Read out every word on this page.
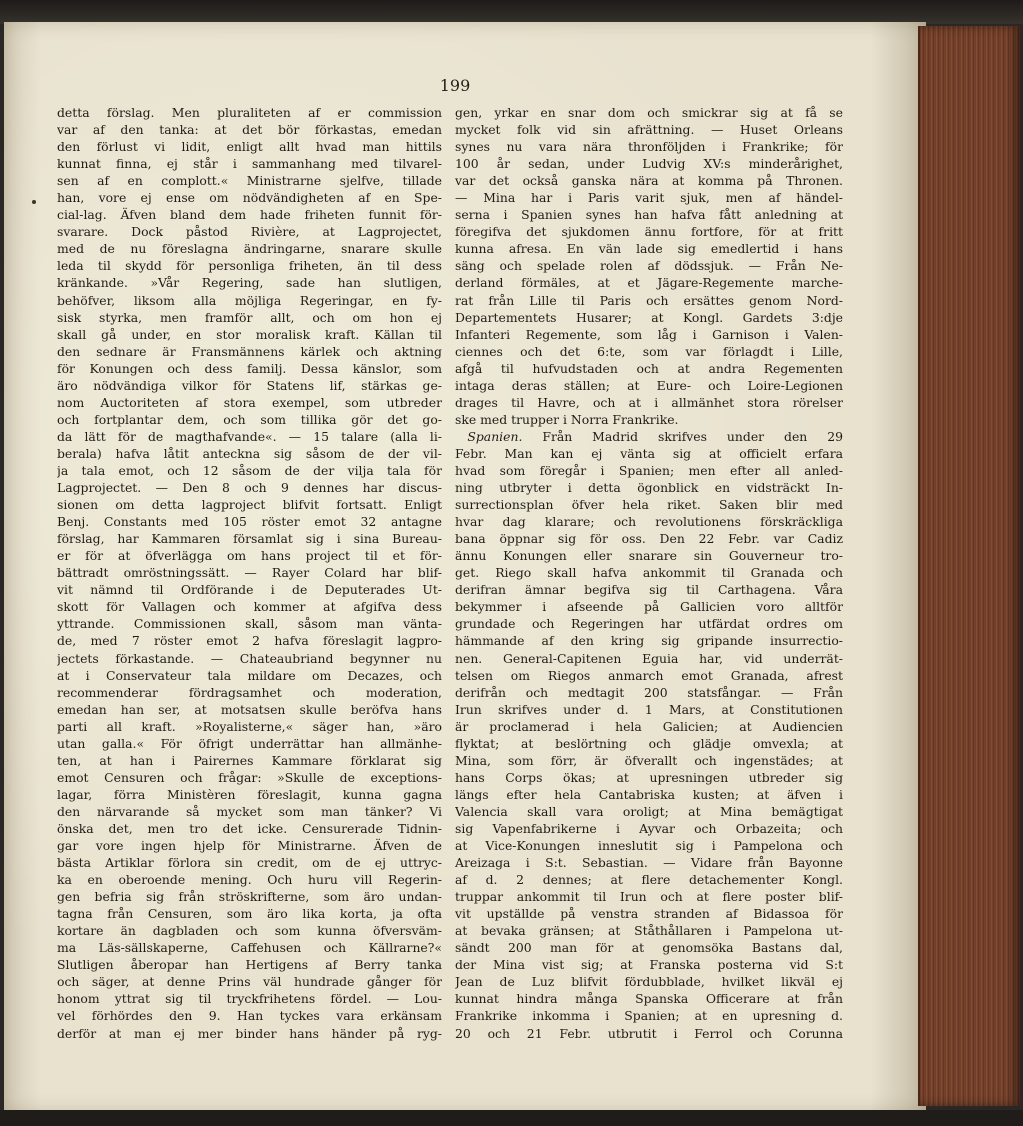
199
detta förslag. Men pluraliteten af er commission
var af den tanka: at det bör förkastas, emedan
den förlust vi lidit, enligt allt hvad man hittils
kunnat finna, ej står i sammanhang med tilvarel-
sen af en complott.« Ministrarne sjelfve, tillade
han, vore ej ense om nödvändigheten af en Spe-
cial-lag. Äfven bland dem hade friheten funnit för-
svarare. Dock påstod Rivière, at Lagprojectet,
med de nu föreslagna ändringarne, snarare skulle
leda til skydd för personliga friheten, än til dess
kränkande. »Vår Regering, sade han slutligen,
behöfver, liksom alla möjliga Regeringar, en fy-
sisk styrka, men framför allt, och om hon ej
skall gå under, en stor moralisk kraft. Källan til
den sednare är Fransmännens kärlek och aktning
för Konungen och dess familj. Dessa känslor, som
äro nödvändiga vilkor för Statens lif, stärkas ge-
nom Auctoriteten af stora exempel, som utbreder
och fortplantar dem, och som tillika gör det go-
da lätt för de magthafvande«. — 15 talare (alla li-
berala) hafva låtit anteckna sig såsom de der vil-
ja tala emot, och 12 såsom de der vilja tala för
Lagprojectet. — Den 8 och 9 dennes har discus-
sionen om detta lagproject blifvit fortsatt. Enligt
Benj. Constants med 105 röster emot 32 antagne
förslag, har Kammaren församlat sig i sina Bureau-
er för at öfverlägga om hans project til et för-
bättradt omröstningssätt. — Rayer Colard har blif-
vit nämnd til Ordförande i de Deputerades Ut-
skott för Vallagen och kommer at afgifva dess
yttrande. Commissionen skall, såsom man vänta-
de, med 7 röster emot 2 hafva föreslagit lagpro-
jectets förkastande. — Chateaubriand begynner nu
at i Conservateur tala mildare om Decazes, och
recommenderar fördragsamhet och moderation,
emedan han ser, at motsatsen skulle beröfva hans
parti all kraft. »Royalisterne,« säger han, »äro
utan galla.« För öfrigt underrättar han allmänhe-
ten, at han i Pairernes Kammare förklarat sig
emot Censuren och frågar: »Skulle de exceptions-
lagar, förra Ministèren föreslagit, kunna gagna
den närvarande så mycket som man tänker? Vi
önska det, men tro det icke. Censurerade Tidnin-
gar vore ingen hjelp för Ministrarne. Äfven de
bästa Artiklar förlora sin credit, om de ej uttryc-
ka en oberoende mening. Och huru vill Regerin-
gen befria sig från ströskrifterne, som äro undan-
tagna från Censuren, som äro lika korta, ja ofta
kortare än dagbladen och som kunna öfversväm-
ma Läs-sällskaperne, Caffehusen och Källrarne?«
Slutligen åberopar han Hertigens af Berry tanka
och säger, at denne Prins väl hundrade gånger för
honom yttrat sig til tryckfrihetens fördel. — Lou-
vel förhördes den 9. Han tyckes vara erkänsam
derför at man ej mer binder hans händer på ryg-
gen, yrkar en snar dom och smickrar sig at få se
mycket folk vid sin afrättning. — Huset Orleans
synes nu vara nära thronföljden i Frankrike; för
100 år sedan, under Ludvig XV:s minderårighet,
var det också ganska nära at komma på Thronen.
— Mina har i Paris varit sjuk, men af händel-
serna i Spanien synes han hafva fått anledning at
föregifva det sjukdomen ännu fortfore, för at fritt
kunna afresa. En vän lade sig emedlertid i hans
säng och spelade rolen af dödssjuk. — Från Ne-
derland förmäles, at et Jägare-Regemente marche-
rat från Lille til Paris och ersättes genom Nord-
Departementets Husarer; at Kongl. Gardets 3:dje
Infanteri Regemente, som låg i Garnison i Valen-
ciennes och det 6:te, som var förlagdt i Lille,
afgå til hufvudstaden och at andra Regementen
intaga deras ställen; at Eure- och Loire-Legionen
drages til Havre, och at i allmänhet stora rörelser
ske med trupper i Norra Frankrike.
 Spanien. Från Madrid skrifves under den 29
Febr. Man kan ej vänta sig at officielt erfara
hvad som föregår i Spanien; men efter all anled-
ning utbryter i detta ögonblick en vidsträckt In-
surrectionsplan öfver hela riket. Saken blir med
hvar dag klarare; och revolutionens förskräckliga
bana öppnar sig för oss. Den 22 Febr. var Cadiz
ännu Konungen eller snarare sin Gouverneur tro-
get. Riego skall hafva ankommit til Granada och
derifran ämnar begifva sig til Carthagena. Våra
bekymmer i afseende på Gallicien voro alltför
grundade och Regeringen har utfärdat ordres om
hämmande af den kring sig gripande insurrectio-
nen. General-Capitenen Eguia har, vid underrät-
telsen om Riegos anmarch emot Granada, afrest
derifrån och medtagit 200 statsfångar. — Från
Irun skrifves under d. 1 Mars, at Constitutionen
är proclamerad i hela Galicien; at Audiencien
flyktat; at beslörtning och glädje omvexla; at
Mina, som förr, är öfverallt och ingenstädes; at
hans Corps ökas; at upresningen utbreder sig
längs efter hela Cantabriska kusten; at äfven i
Valencia skall vara oroligt; at Mina bemägtigat
sig Vapenfabrikerne i Ayvar och Orbazeita; och
at Vice-Konungen inneslutit sig i Pampelona och
Areizaga i S:t. Sebastian. — Vidare från Bayonne
af d. 2 dennes; at flere detachementer Kongl.
truppar ankommit til Irun och at flere poster blif-
vit upställde på venstra stranden af Bidassoa för
at bevaka gränsen; at Ståthållaren i Pampelona ut-
sändt 200 man för at genomsöka Bastans dal,
der Mina vist sig; at Franska posterna vid S:t
Jean de Luz blifvit fördubblade, hvilket likväl ej
kunnat hindra många Spanska Officerare at från
Frankrike inkomma i Spanien; at en upresning d.
20 och 21 Febr. utbrutit i Ferrol och Corunna
